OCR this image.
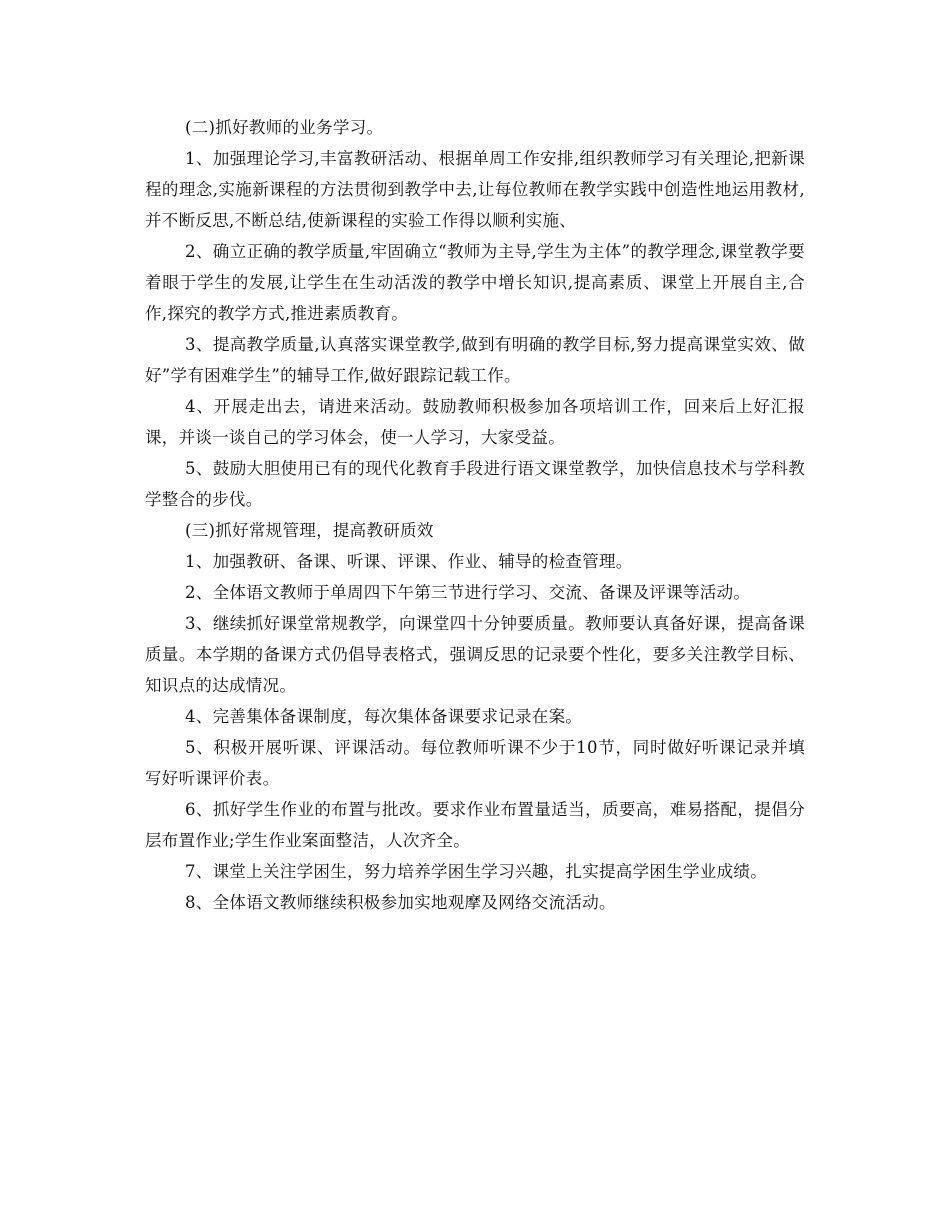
(二)抓好教师的业务学习。

1、加强理论学习,丰富教研活动、根据单周工作安排,组织教师学习有关理论,把新课程的理念,实施新课程的方法贯彻到教学中去,让每位教师在教学实践中创造性地运用教材,并不断反思,不断总结,使新课程的实验工作得以顺利实施、

2、确立正确的教学质量,牢固确立“教师为主导,学生为主体”的教学理念,课堂教学要着眼于学生的发展,让学生在生动活泼的教学中增长知识,提高素质、课堂上开展自主,合作,探究的教学方式,推进素质教育。

3、提高教学质量,认真落实课堂教学,做到有明确的教学目标,努力提高课堂实效、做好”学有困难学生”的辅导工作,做好跟踪记载工作。

4、开展走出去，请进来活动。鼓励教师积极参加各项培训工作，回来后上好汇报课，并谈一谈自己的学习体会，使一人学习，大家受益。

5、鼓励大胆使用已有的现代化教育手段进行语文课堂教学，加快信息技术与学科教学整合的步伐。

(三)抓好常规管理，提高教研质效

1、加强教研、备课、听课、评课、作业、辅导的检查管理。

2、全体语文教师于单周四下午第三节进行学习、交流、备课及评课等活动。

3、继续抓好课堂常规教学，向课堂四十分钟要质量。教师要认真备好课，提高备课质量。本学期的备课方式仍倡导表格式，强调反思的记录要个性化，要多关注教学目标、知识点的达成情况。

4、完善集体备课制度，每次集体备课要求记录在案。

5、积极开展听课、评课活动。每位教师听课不少于10节，同时做好听课记录并填写好听课评价表。

6、抓好学生作业的布置与批改。要求作业布置量适当，质要高，难易搭配，提倡分层布置作业;学生作业案面整洁，人次齐全。

7、课堂上关注学困生，努力培养学困生学习兴趣，扎实提高学困生学业成绩。

8、全体语文教师继续积极参加实地观摩及网络交流活动。
